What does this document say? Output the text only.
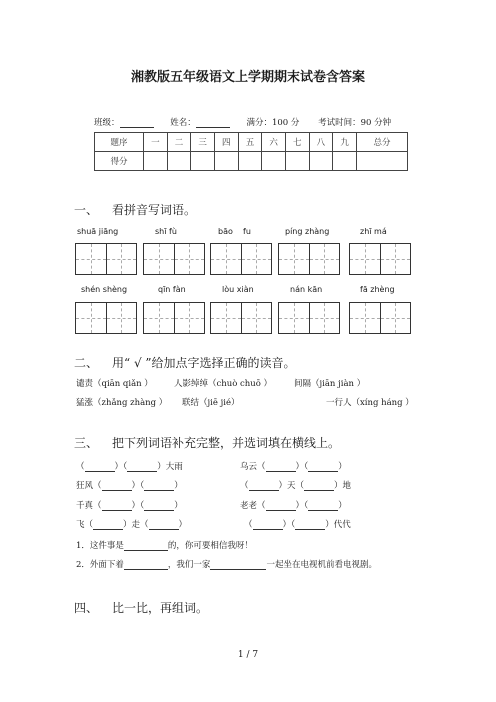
湘教版五年级语文上学期期末试卷含答案
班级：	姓名：	满分：100 分 考试时间：90 分钟
题序	一	二	三	四	五	六	七	八	九	总分
得分										
一、 看拼音写词语。
shuā jiāng	shī fù	bāo    fu	píng zhàng	zhī má
shén shèng	qīn fàn	lòu xiàn	nán kān	fā zhèng
二、 用“ √ ”给加点字选择正确的读音。
谴责（qiān qiǎn ） 人影绰绰（chuò chuō ）	间隔（jiān jiàn ）
猛涨（zhǎng zhàng ） 联结（jiē jié）	一行人（xíng háng ）
三、 把下列词语补充完整，并选词填在横线上。
（	）（	）大雨	乌云（	）（	）
狂风（	）（	）	（	）天（	）地
千真（	）（	）	老老（	）（	）
飞（	）走（	）	（	）（	）代代
1．这件事是	的，你可要相信我呀！
2．外面下着	，我们一家	一起坐在电视机前看电视剧。
四、 比一比，再组词。
1 / 7
